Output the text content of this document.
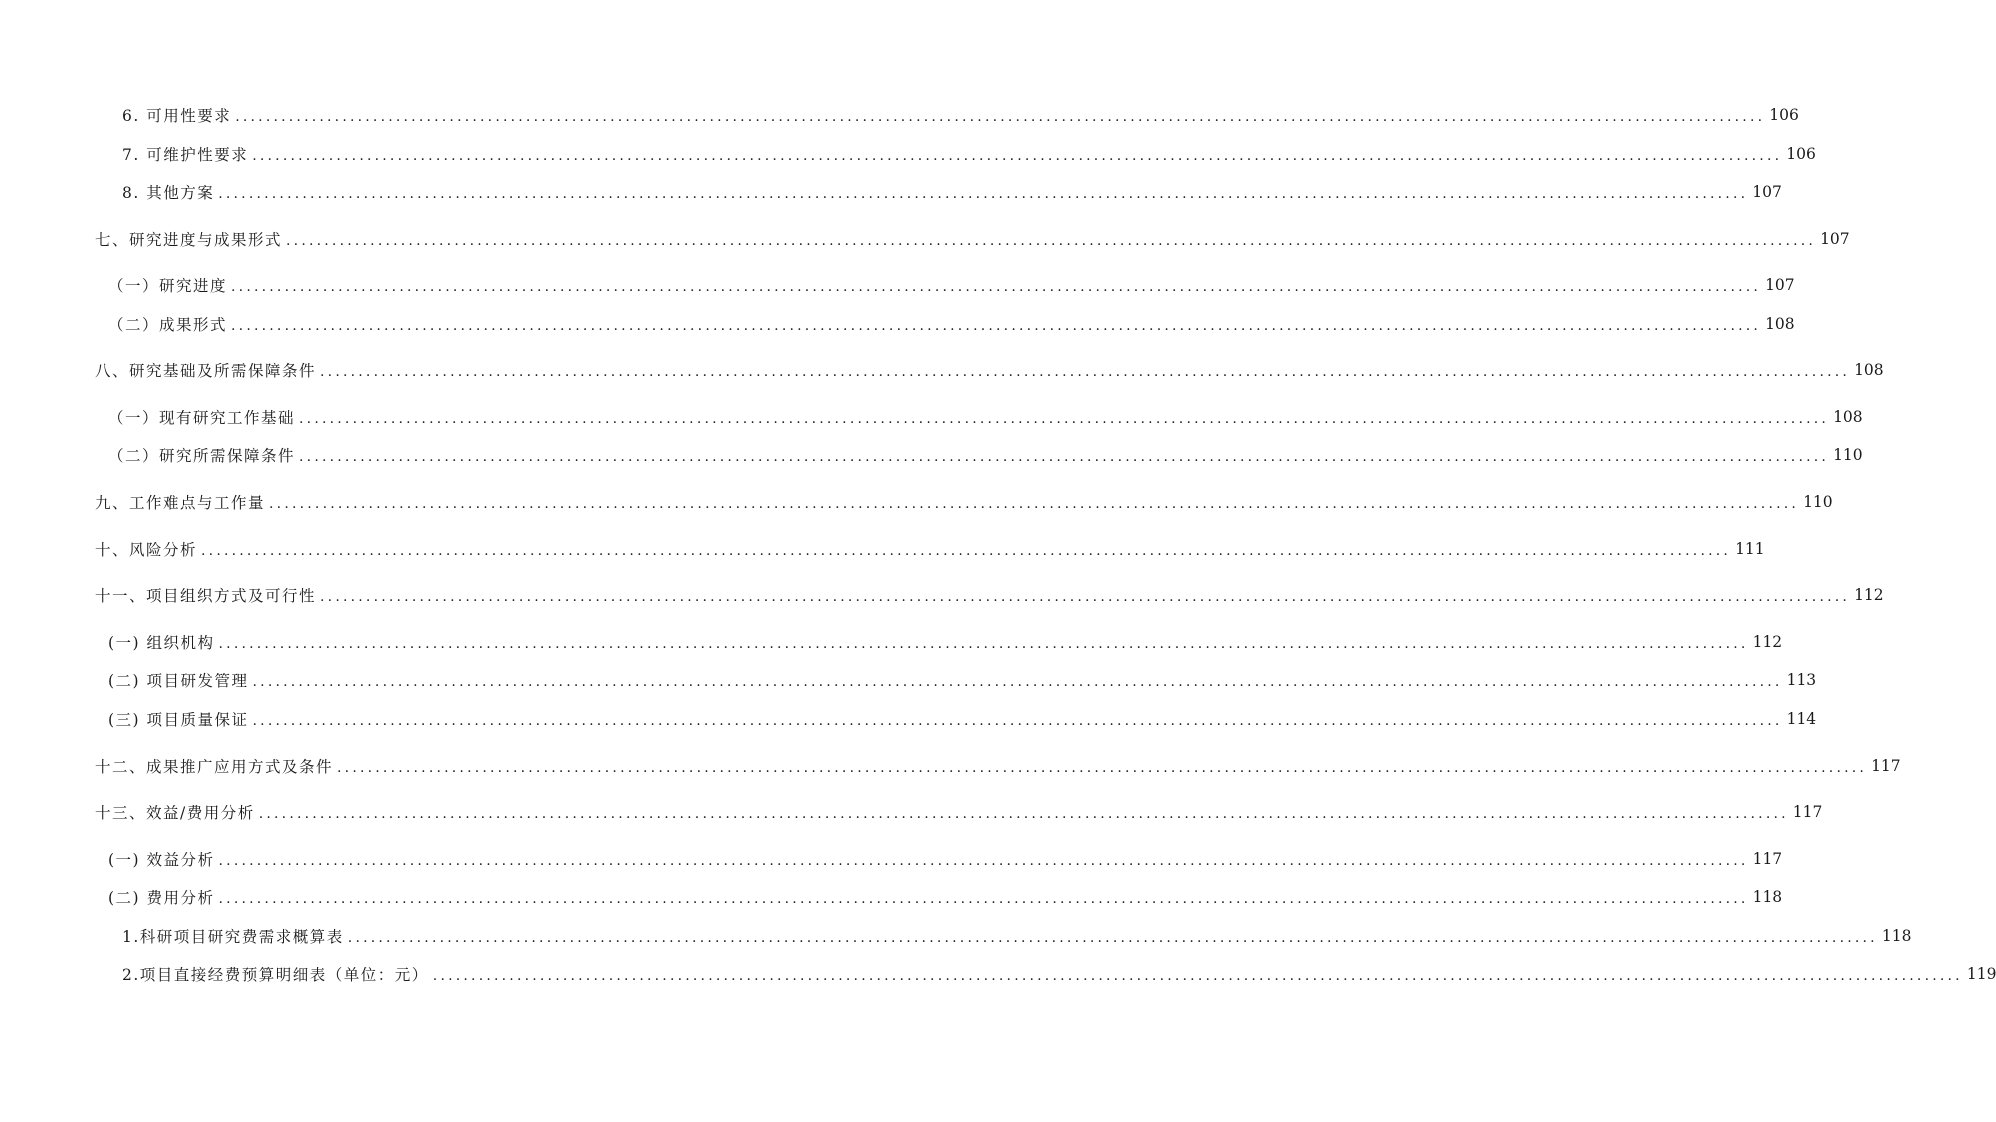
6. 可用性要求 ........................................................................................................................................................................................................ 106
7. 可维护性要求 ........................................................................................................................................................................................................ 106
8. 其他方案 ........................................................................................................................................................................................................ 107
七、研究进度与成果形式 ........................................................................................................................................................................................................ 107
（一）研究进度 ........................................................................................................................................................................................................ 107
（二）成果形式 ........................................................................................................................................................................................................ 108
八、研究基础及所需保障条件 ........................................................................................................................................................................................................ 108
（一）现有研究工作基础 ........................................................................................................................................................................................................ 108
（二）研究所需保障条件 ........................................................................................................................................................................................................ 110
九、工作难点与工作量 ........................................................................................................................................................................................................ 110
十、风险分析 ........................................................................................................................................................................................................ 111
十一、项目组织方式及可行性 ........................................................................................................................................................................................................ 112
(一) 组织机构 ........................................................................................................................................................................................................ 112
(二) 项目研发管理 ........................................................................................................................................................................................................ 113
(三) 项目质量保证 ........................................................................................................................................................................................................ 114
十二、成果推广应用方式及条件 ........................................................................................................................................................................................................ 117
十三、效益/费用分析 ........................................................................................................................................................................................................ 117
(一) 效益分析 ........................................................................................................................................................................................................ 117
(二) 费用分析 ........................................................................................................................................................................................................ 118
1.科研项目研究费需求概算表 ........................................................................................................................................................................................................ 118
2.项目直接经费预算明细表（单位：元） ........................................................................................................................................................................................................ 119
